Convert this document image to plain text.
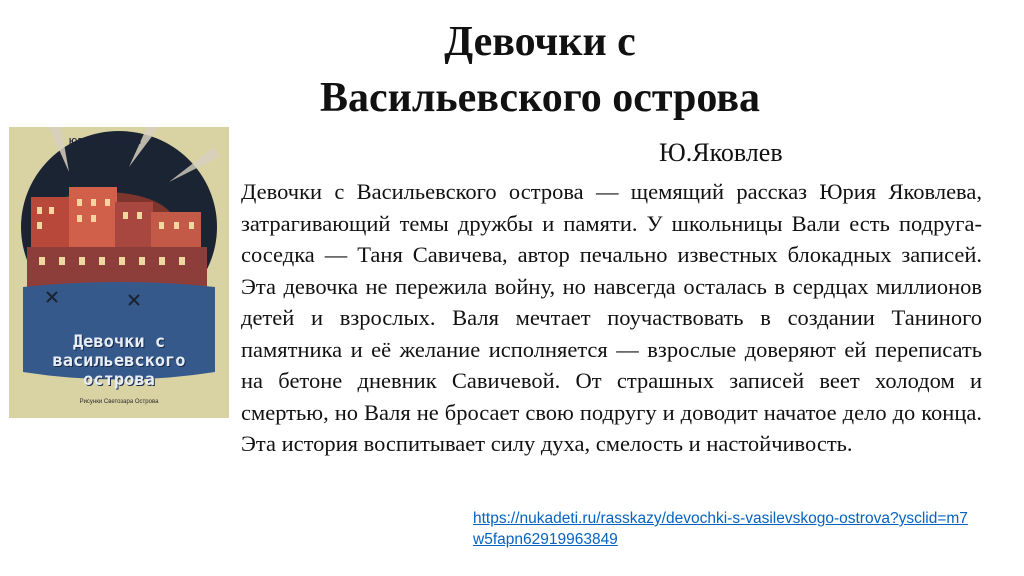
Девочки с Васильевского острова
ЮРИЙ ЯКОВЛЕВ
Девочки с васильевского острова
Рисунки Светозара Острова

Ю.Яковлев

Девочки с Васильевского острова — щемящий рассказ Юрия Яковлева, затрагивающий темы дружбы и памяти. У школьницы Вали есть подруга-соседка — Таня Савичева, автор печально известных блокадных записей. Эта девочка не пережила войну, но навсегда осталась в сердцах миллионов детей и взрослых. Валя мечтает поучаствовать в создании Таниного памятника и её желание исполняется — взрослые доверяют ей переписать на бетоне дневник Савичевой. От страшных записей веет холодом и смертью, но Валя не бросает свою подругу и доводит начатое дело до конца. Эта история воспитывает силу духа, смелость и настойчивость.

https://nukadeti.ru/rasskazy/devochki-s-vasilevskogo-ostrova?ysclid=m7w5fapn62919963849
